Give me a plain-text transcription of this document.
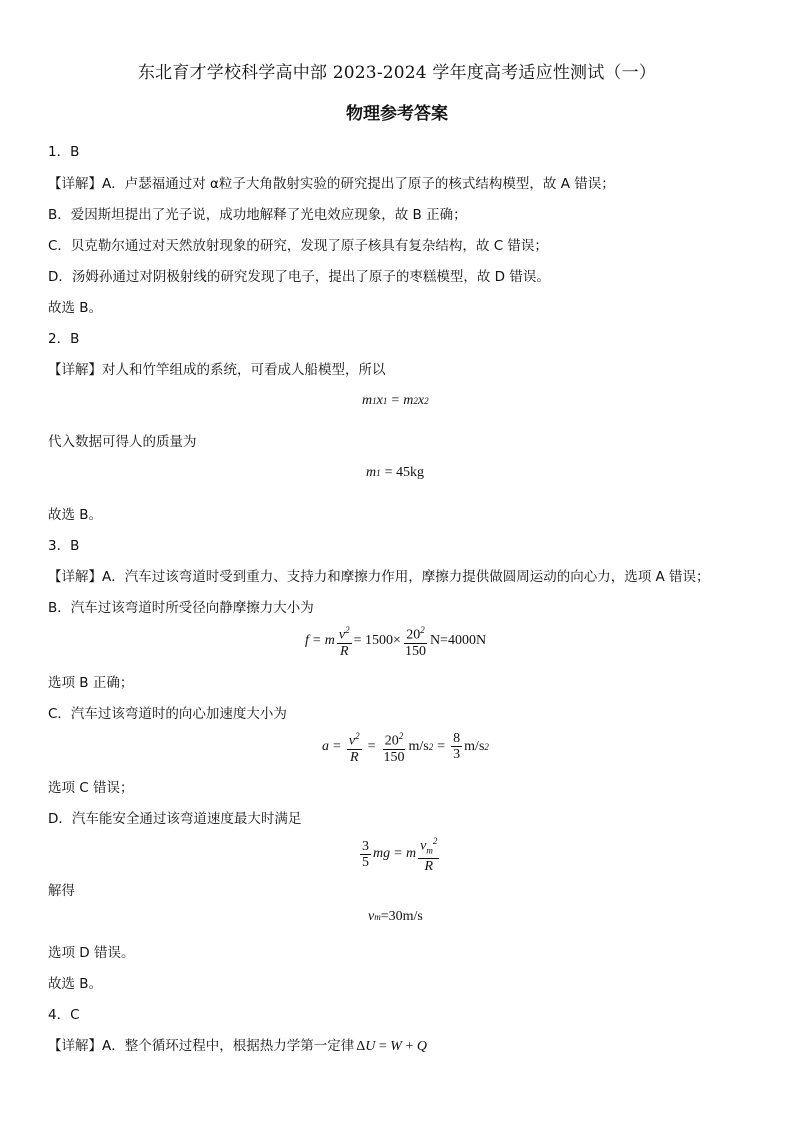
东北育才学校科学高中部 2023-2024 学年度高考适应性测试（一）
物理参考答案
1．B
【详解】A．卢瑟福通过对 α粒子大角散射实验的研究提出了原子的核式结构模型，故 A 错误；
B．爱因斯坦提出了光子说，成功地解释了光电效应现象，故 B 正确；
C．贝克勒尔通过对天然放射现象的研究，发现了原子核具有复杂结构，故 C 错误；
D．汤姆孙通过对阴极射线的研究发现了电子，提出了原子的枣糕模型，故 D 错误。
故选 B。
2．B
【详解】对人和竹竿组成的系统，可看成人船模型，所以
m 1 x 1 = m 2 x 2
代入数据可得人的质量为
m 1 = 45kg
故选 B。
3．B
【详解】A．汽车过该弯道时受到重力、支持力和摩擦力作用，摩擦力提供做圆周运动的向心力，选项 A 错误；
B．汽车过该弯道时所受径向静摩擦力大小为
f = m $\frac{v^2}{R} = 1500\times \frac{20^2}{150} N=4000N$
选项 B 正确；
C．汽车过该弯道时的向心加速度大小为
$a = \frac{v^2}{R} = \frac{20^2}{150} m/s$ $2 = \frac{8}{3} m/s$ 2
选项 C 错误；
D．汽车能安全通过该弯道速度最大时满足
$\frac{3}{5}$ mg = m $\frac{v_m^2}{R}$
解得
v m =30m/s
选项 D 错误。
故选 B。
4．C
【详解】A．整个循环过程中，根据热力学第一定律 ΔU = W + Q
